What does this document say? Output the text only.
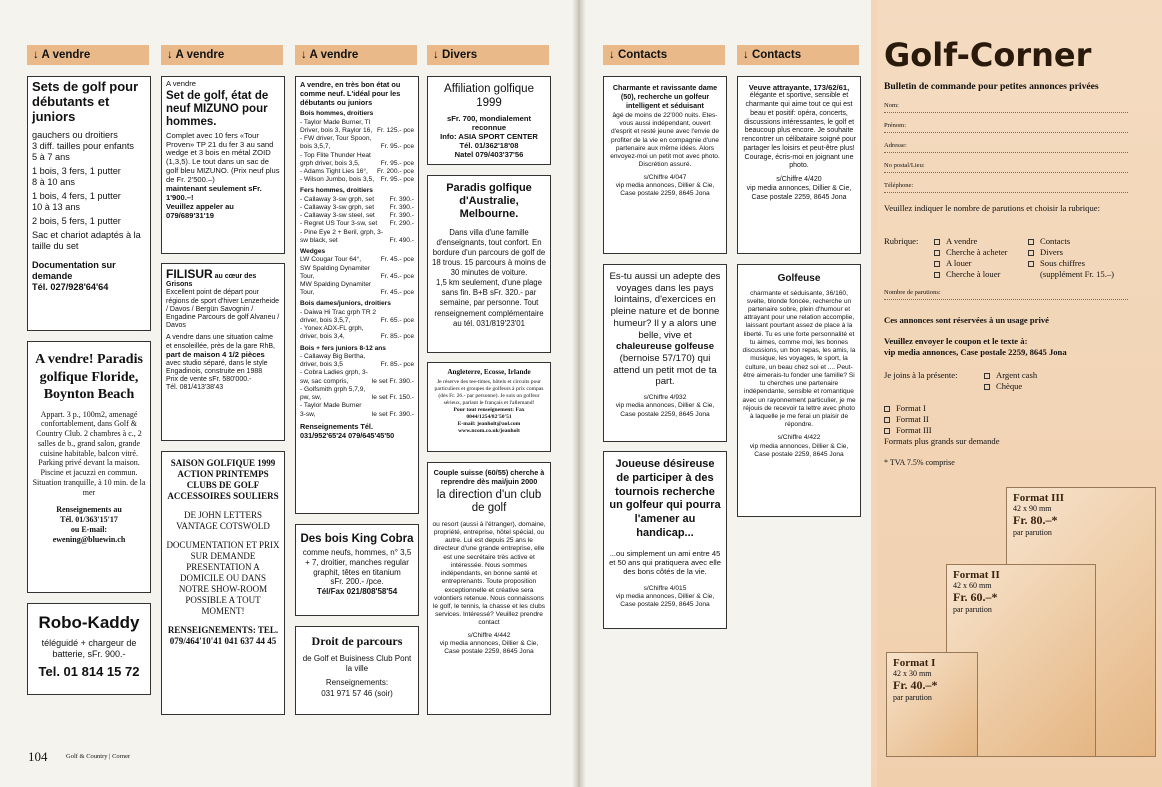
↓ A vendre	↓ A vendre	↓ A vendre	↓ Divers	↓ Contacts	↓ Contacts
Sets de golf pour débutants et juniors
gauchers ou droitiers
3 diff. tailles pour enfants
5 à 7 ans
1 bois, 3 fers, 1 putter
8 à 10 ans
1 bois, 4 fers, 1 putter
10 à 13 ans
2 bois, 5 fers, 1 putter
Sac et chariot adaptés à la taille du set
Documentation sur demande
Tél. 027/928'64'64
A vendre! Paradis golfique Floride, Boynton Beach
Appart. 3 p., 100m2, amenagé confortablement, dans Golf & Country Club. 2 chambres à c., 2 salles de b., grand salon, grande cuisine habitable, balcon vitré. Parking privé devant la maison. Piscine et jacuzzi en commun. Situation tranquille, à 10 min. de la mer
Renseignements au
Tél. 01/363'15'17
ou E-mail:
ewening@bluewin.ch
Robo-Kaddy
téléguidé + chargeur de batterie, sFr. 900.-
Tel. 01 814 15 72
A vendre
Set de golf, état de neuf MIZUNO pour hommes.
Complet avec 10 fers «Tour Proven» TP 21 du fer 3 au sand wedge et 3 bois en métal ZOID (1,3,5). Le tout dans un sac de golf bleu MIZUNO. (Prix neuf plus de Fr. 2'500.–)
maintenant seulement sFr. 1'900.–!
Veuillez appeler au 079/689'31'19
FILISUR au cœur des Grisons
Excellent point de départ pour régions de sport d'hiver Lenzerheide / Davos / Bergün Savognin / Engadine Parcours de golf Alvaneu / Davos
A vendre dans une situation calme et ensoleillée, près de la gare RhB,
part de maison 4 1/2 pièces
avec studio séparé, dans le style Engadinois, construite en 1988
Prix de vente sFr. 580'000.-
Tél. 081/413'38'43
SAISON GOLFIQUE 1999 ACTION PRINTEMPS CLUBS DE GOLF ACCESSOIRES SOULIERS
DE JOHN LETTERS VANTAGE COTSWOLD
DOCUMENTATION ET PRIX SUR DEMANDE PRESENTATION A DOMICILE OU DANS NOTRE SHOW-ROOM POSSIBLE A TOUT MOMENT!
RENSEIGNEMENTS: TEL. 079/464'10'41 041 637 44 45
A vendre, en très bon état ou comme neuf. L'idéal pour les débutants ou juniors
Bois hommes, droitiers
- Taylor Made Burner, TI Driver, bois 3, Raylor 16, Fr. 125.- pce
- FW driver, Tour Spoon, bois 3,5,7,	Fr. 95.- pce
- Top Flite Thunder Heat grph driver, bois 3,5,	Fr. 95.- pce
- Adams Tight Lies 16°, Fr. 200.- pce
- Wilson Jumbo, bois 3,5, Fr. 95.- pce
Fers hommes, droitiers
- Callaway 3-sw grph, set Fr. 390.-
- Callaway 3-sw grph, set Fr. 390.-
- Callaway 3-sw steel, set Fr. 390.-
- Regret US Tour 3-sw, set Fr. 290.-
- Pine Eye 2 + Beril, grph, 3-sw black, set	Fr. 490.-
Wedges
LW Cougar Tour 64°,	Fr. 45.- pce
SW Spalding Dynamiter Tour,	Fr. 45.- pce
MW Spalding Dynamiter Tour,	Fr. 45.- pce
Bois dames/juniors, droitiers
- Daiwa Hi Trac grph TR 2 driver, bois 3,5,7,	Fr. 65.- pce
- Yonex ADX-FL grph, driver, bois 3,4,	Fr. 85.- pce
Bois + fers juniors 8-12 ans
- Callaway Big Bertha, driver, bois 3,5	Fr. 85.- pce
- Cobra Ladies grph, 3-sw, sac compris,	le set Fr. 390.-
- Golfsmith grph 5,7,9, pw, sw,	le set Fr. 150.-
- Taylor Made Burner 3-sw,	le set Fr. 390.-
Renseignements Tél. 031/952'65'24 079/645'45'50
Des bois King Cobra
comme neufs, hommes, n° 3,5 + 7, droitier, manches regular graphit, têtes en titanium
sFr. 200.- /pce.
Tél/Fax 021/808'58'54
Droit de parcours
de Golf et Buisiness Club Pont la ville
Renseignements:
031 971 57 46 (soir)
Affiliation golfique 1999
sFr. 700, mondialement reconnue
Info: ASIA SPORT CENTER
Tél. 01/362'18'08
Natel 079/403'37'56
Paradis golfique d'Australie, Melbourne.
Dans villa d'une famille d'enseignants, tout confort. En bordure d'un parcours de golf de 18 trous. 15 parcours à moins de 30 minutes de voiture.
1,5 km seulement, d'une plage sans fin. B+B sFr. 320.- par semaine, par personne. Tout renseignement complémentaire au tél. 031/819'23'01
Angleterre, Ecosse, Irlande
Je réserve des tee-times, hôtels et circuits pour particuliers et groupes de golfeurs à prix compas (dès Fr. 26.- par personne). Je suis un golfeur sérieux, parlant le français et l'allemand!
Pour tout renseignement: Fax 0044/1254/82'50'51
E-mail: jeanholt@aol.com
www.ncom.co.uk/jeanholt
Couple suisse (60/55) cherche à reprendre dès mai/juin 2000
la direction d'un club de golf
ou resort (aussi à l'étranger), domaine, propriété, entreprise, hôtel spécial, ou autre. Lui est depuis 25 ans le directeur d'une grande entreprise, elle est une secrétaire très active et intéressée. Nous sommes indépendants, en bonne santé et entreprenants. Toute proposition exceptionnelle et créative sera volontiers retenue. Nous connaissons le golf, le tennis, la chasse et les clubs services. Intéressé? Veuillez prendre contact
s/Chiffre 4/442
vip media annonces, Dillier & Cie, Case postale 2259, 8645 Jona
104	Golf & Country | Corner
Charmante et ravissante dame (50), recherche un golfeur intelligent et séduisant
âgé de moins de 22'000 nuits. Etes-vous aussi indépendant, ouvert d'esprit et resté jeune avec l'envie de profiter de la vie en compagnie d'une partenaire aux même idées. Alors envoyez-moi un petit mot avec photo. Discrétion assuré.
s/Chiffre 4/047
vip media annonces, Dillier & Cie, Case postale 2259, 8645 Jona
Es-tu aussi un adepte des voyages dans les pays lointains, d'exercices en pleine nature et de bonne humeur? Il y a alors une belle, vive et
chaleureuse golfeuse
(bernoise 57/170) qui attend un petit mot de ta part.
s/Chiffre 4/932
vip media annonces, Dillier & Cie, Case postale 2259, 8645 Jona
Joueuse désireuse de participer à des tournois recherche un golfeur qui pourra l'amener au handicap...
...ou simplement un ami entre 45 et 50 ans qui pratiquera avec elle des bons côtés de la vie.
s/Chiffre 4/015
vip media annonces, Dillier & Cie, Case postale 2259, 8645 Jona
Veuve attrayante, 173/62/61,
élégante et sportive, sensible et charmante qui aime tout ce qui est beau et positif: opéra, concerts, discussions intéressantes, le golf et beaucoup plus encore. Je souhaite rencontrer un célibataire soigné pour partager les loisirs et peut-être plus! Courage, écris-moi en joignant une photo.
s/Chiffre 4/420
vip media annonces, Dillier & Cie, Case postale 2259, 8645 Jona
Golfeuse
charmante et séduisante, 36/160, svelte, blonde foncée, recherche un partenaire sobre, plein d'humour et attrayant pour une relation accomplie, laissant pourtant assez de place à la liberté. Tu es une forte personnalité et tu aimes, comme moi, les bonnes discussions, un bon repas, les amis, la musique, les voyages, le sport, la culture, un beau chez soi et .... Peut-être aimerais-tu fonder une famille? Si tu cherches une partenaire indépendante, sensible et romantique avec un rayonnement particulier, je me réjouis de recevoir ta lettre avec photo à laquelle je me ferai un plaisir de répondre.
s/Chiffre 4/422
vip media annonces, Dillier & Cie, Case postale 2259, 8645 Jona
Golf-Corner
Bulletin de commande pour petites annonces privées
Nom:
Prénom:
Adresse:
No postal/Lieu:
Téléphone:
Veuillez indiquer le nombre de parutions et choisir la rubrique:
Rubrique:	A vendre
Cherche à acheter
A louer
Cherche à louer
Contacts
Divers
Sous chiffres
(supplément Fr. 15.–)
Nombre de parutions:
Ces annonces sont réservées à un usage privé
Veuillez envoyer le coupon et le texte à:
vip media annonces, Case postale 2259, 8645 Jona
Je joins à la présente:	Argent cash
Chèque
Format I
Format II
Format III
Formats plus grands sur demande
* TVA 7.5% comprise
Format III
42 x 90 mm
Fr. 80.–*
par parution
Format II
42 x 60 mm
Fr. 60.–*
par parution
Format I
42 x 30 mm
Fr. 40.–*
par parution
